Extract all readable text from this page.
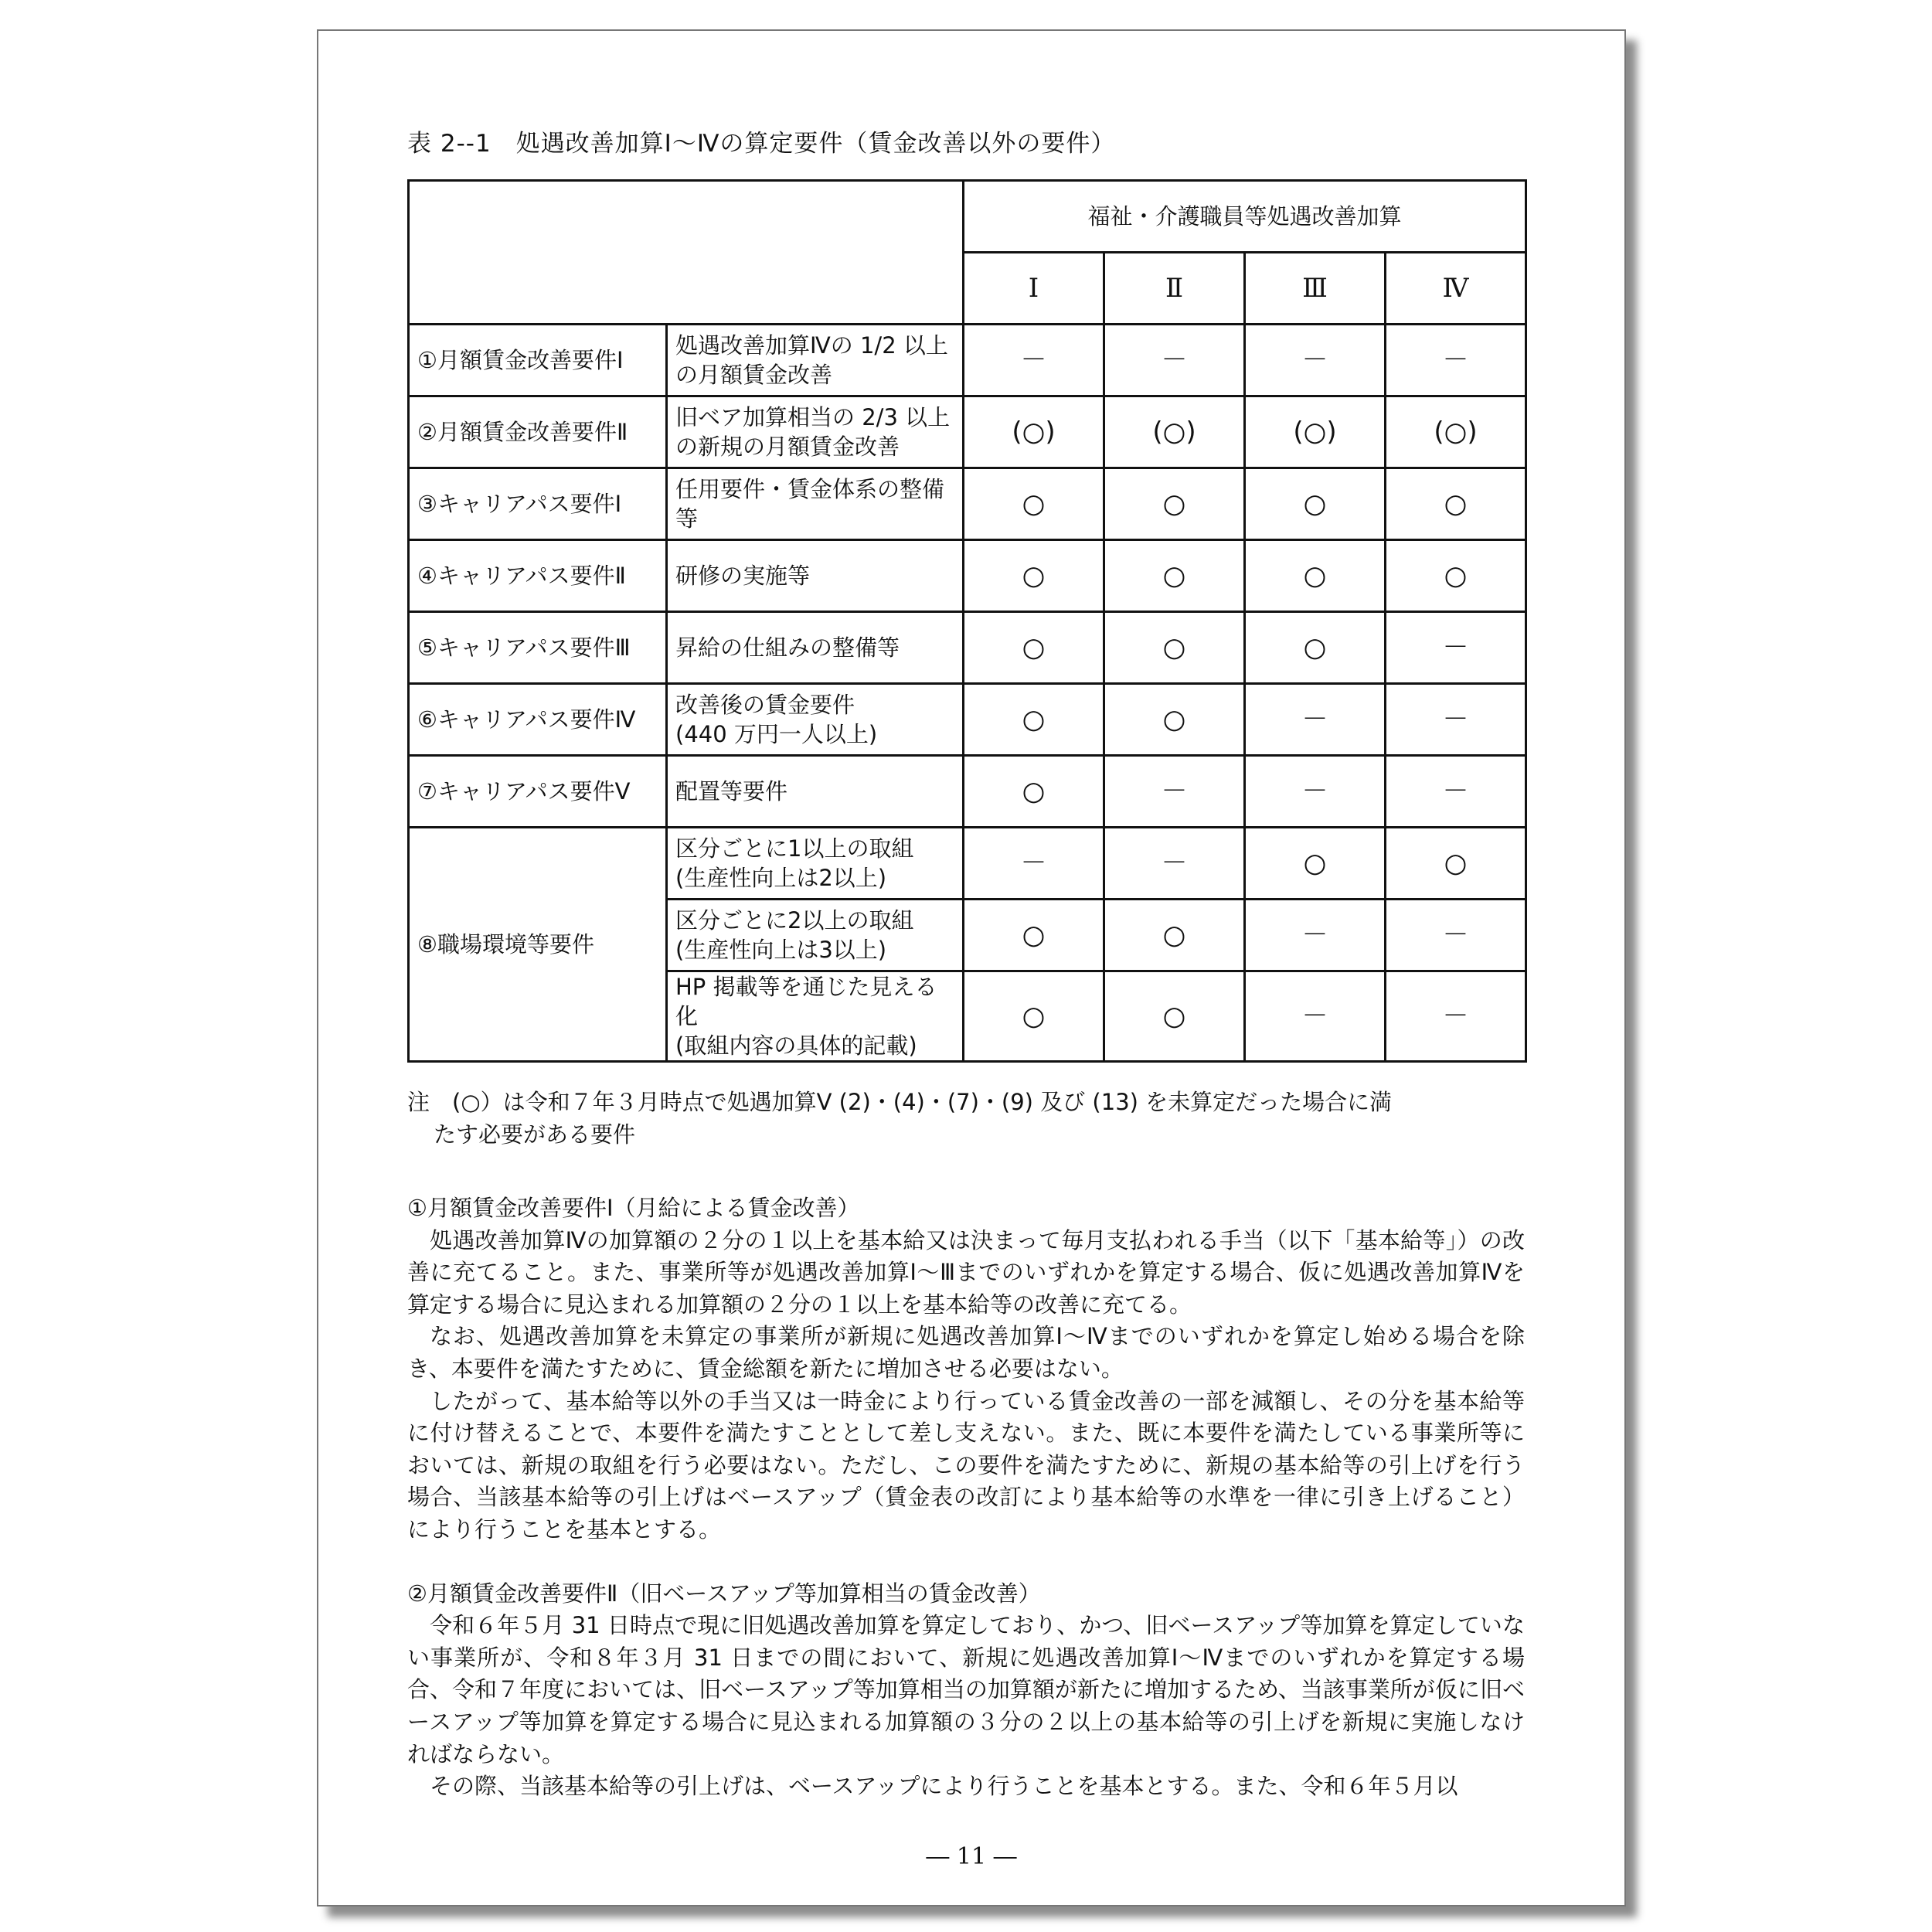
表 2--1　処遇改善加算Ⅰ～Ⅳの算定要件（賃金改善以外の要件）
		福祉・介護職員等処遇改善加算			
		Ⅰ	Ⅱ	Ⅲ	Ⅳ
①月額賃金改善要件Ⅰ	処遇改善加算Ⅳの 1/2 以上の月額賃金改善	－	－	－	－
②月額賃金改善要件Ⅱ	旧ベア加算相当の 2/3 以上の新規の月額賃金改善	(○)	(○)	(○)	(○)
③キャリアパス要件Ⅰ	任用要件・賃金体系の整備等	○	○	○	○
④キャリアパス要件Ⅱ	研修の実施等	○	○	○	○
⑤キャリアパス要件Ⅲ	昇給の仕組みの整備等	○	○	○	－
⑥キャリアパス要件Ⅳ	改善後の賃金要件
(440 万円一人以上)	○	○	－	－
⑦キャリアパス要件Ⅴ	配置等要件	○	－	－	－
⑧職場環境等要件	区分ごとに1以上の取組
(生産性向上は2以上)	－	－	○	○
	区分ごとに2以上の取組
(生産性向上は3以上)	○	○	－	－
	HP 掲載等を通じた見える化
(取組内容の具体的記載)	○	○	－	－
注　(○）は令和７年３月時点で処遇加算Ⅴ (2)・(4)・(7)・(9) 及び (13) を未算定だった場合に満
たす必要がある要件

①月額賃金改善要件Ⅰ（月給による賃金改善）

処遇改善加算Ⅳの加算額の２分の１以上を基本給又は決まって毎月支払われる手当（以下「基本給等」）の改善に充てること。また、事業所等が処遇改善加算Ⅰ～Ⅲまでのいずれかを算定する場合、仮に処遇改善加算Ⅳを算定する場合に見込まれる加算額の２分の１以上を基本給等の改善に充てる。

なお、処遇改善加算を未算定の事業所が新規に処遇改善加算Ⅰ～Ⅳまでのいずれかを算定し始める場合を除き、本要件を満たすために、賃金総額を新たに増加させる必要はない。

したがって、基本給等以外の手当又は一時金により行っている賃金改善の一部を減額し、その分を基本給等に付け替えることで、本要件を満たすこととして差し支えない。また、既に本要件を満たしている事業所等においては、新規の取組を行う必要はない。ただし、この要件を満たすために、新規の基本給等の引上げを行う場合、当該基本給等の引上げはベースアップ（賃金表の改訂により基本給等の水準を一律に引き上げること）により行うことを基本とする。

②月額賃金改善要件Ⅱ（旧ベースアップ等加算相当の賃金改善）

令和６年５月 31 日時点で現に旧処遇改善加算を算定しており、かつ、旧ベースアップ等加算を算定していない事業所が、令和８年３月 31 日までの間において、新規に処遇改善加算Ⅰ～Ⅳまでのいずれかを算定する場合、令和７年度においては、旧ベースアップ等加算相当の加算額が新たに増加するため、当該事業所が仮に旧ベースアップ等加算を算定する場合に見込まれる加算額の３分の２以上の基本給等の引上げを新規に実施しなければならない。

その際、当該基本給等の引上げは、ベースアップにより行うことを基本とする。また、令和６年５月以

― 11 ―
